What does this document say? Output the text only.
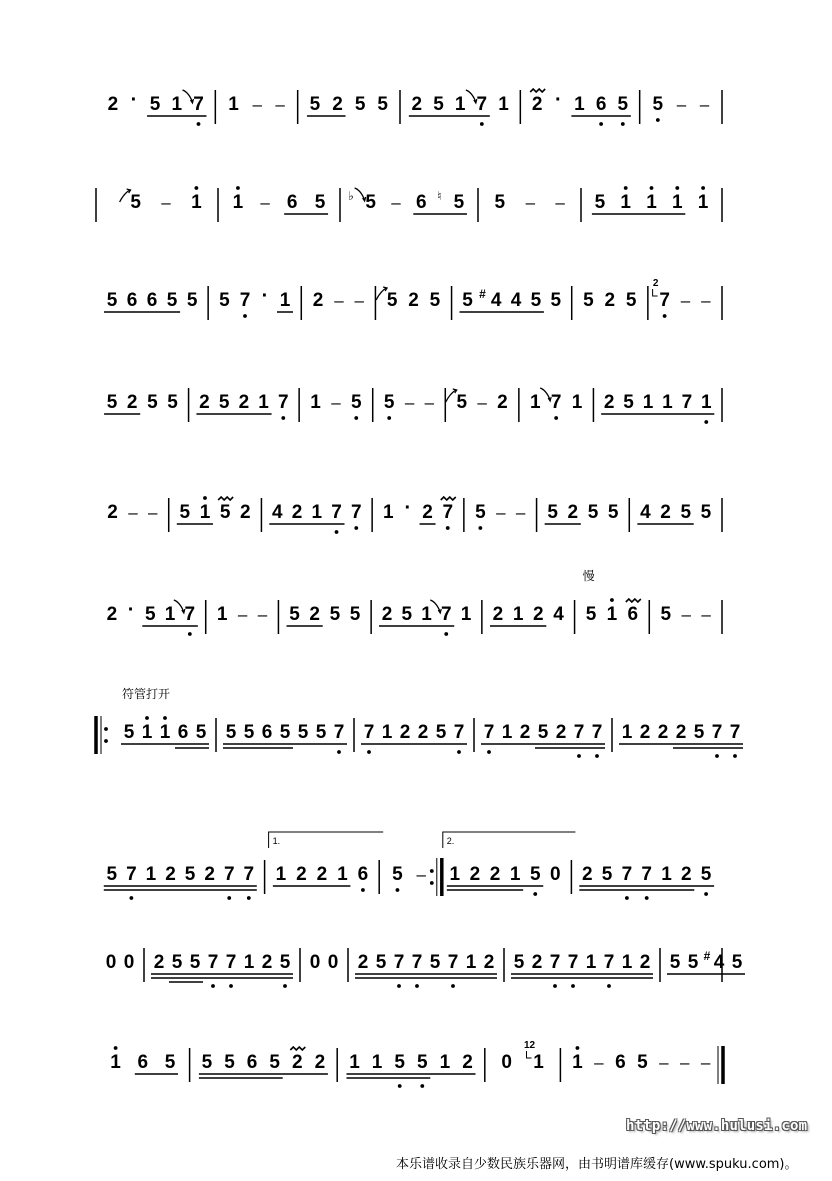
2 · 5 1 7 1 – – 5 2 5 5 2 5 1 7 1 2 · 1 6 5 5 – –
5 – 1 1 – 6 5 ♭ 5 – 6 ♮ 5 5 – – 5 1 1 1 1
5 6 6 5 5 5 7 · 1 2 – – 5 2 5 5 # 4 4 5 5 5 2 5 7
2
– –
5 2 5 5 2 5 2 1 7 1 – 5 5 – – 5 – 2 1 7 1 2 5 1 1 7 1
2 – – 5 1 5 2 4 2 1 7 7 1 · 2 7 5 – – 5 2 5 5 4 2 5 5
2 · 5 1 7 1 – – 5 2 5 5 2 5 1 7 1 2 1 2 4
慢
5 1 6 5 – –
符管打开
5 1 1 6 5 5 5 6 5 5 5 7 7 1 2 2 5 7 7 1 2 5 2 7 7 1 2 2 2 5 7 7
5 7 1 2 5 2 7 7
1.
1 2 2 1 6 5 –
2.
1 2 2 1 5 0 2 5 7 7 1 2 5
0 0 2 5 5 7 7 1 2 5 0 0 2 5 7 7 5 7 1 2 5 2 7 7 1 7 1 2 5 5 # 4 5
1 6 5 5 5 6 5 2 2 1 1 5 5 1 2 0 1
12
1 – 6 5 – – –
http://www.hulusi.com
本乐谱收录自少数民族乐器网，由书明谱库缓存(www.spuku.com)。
